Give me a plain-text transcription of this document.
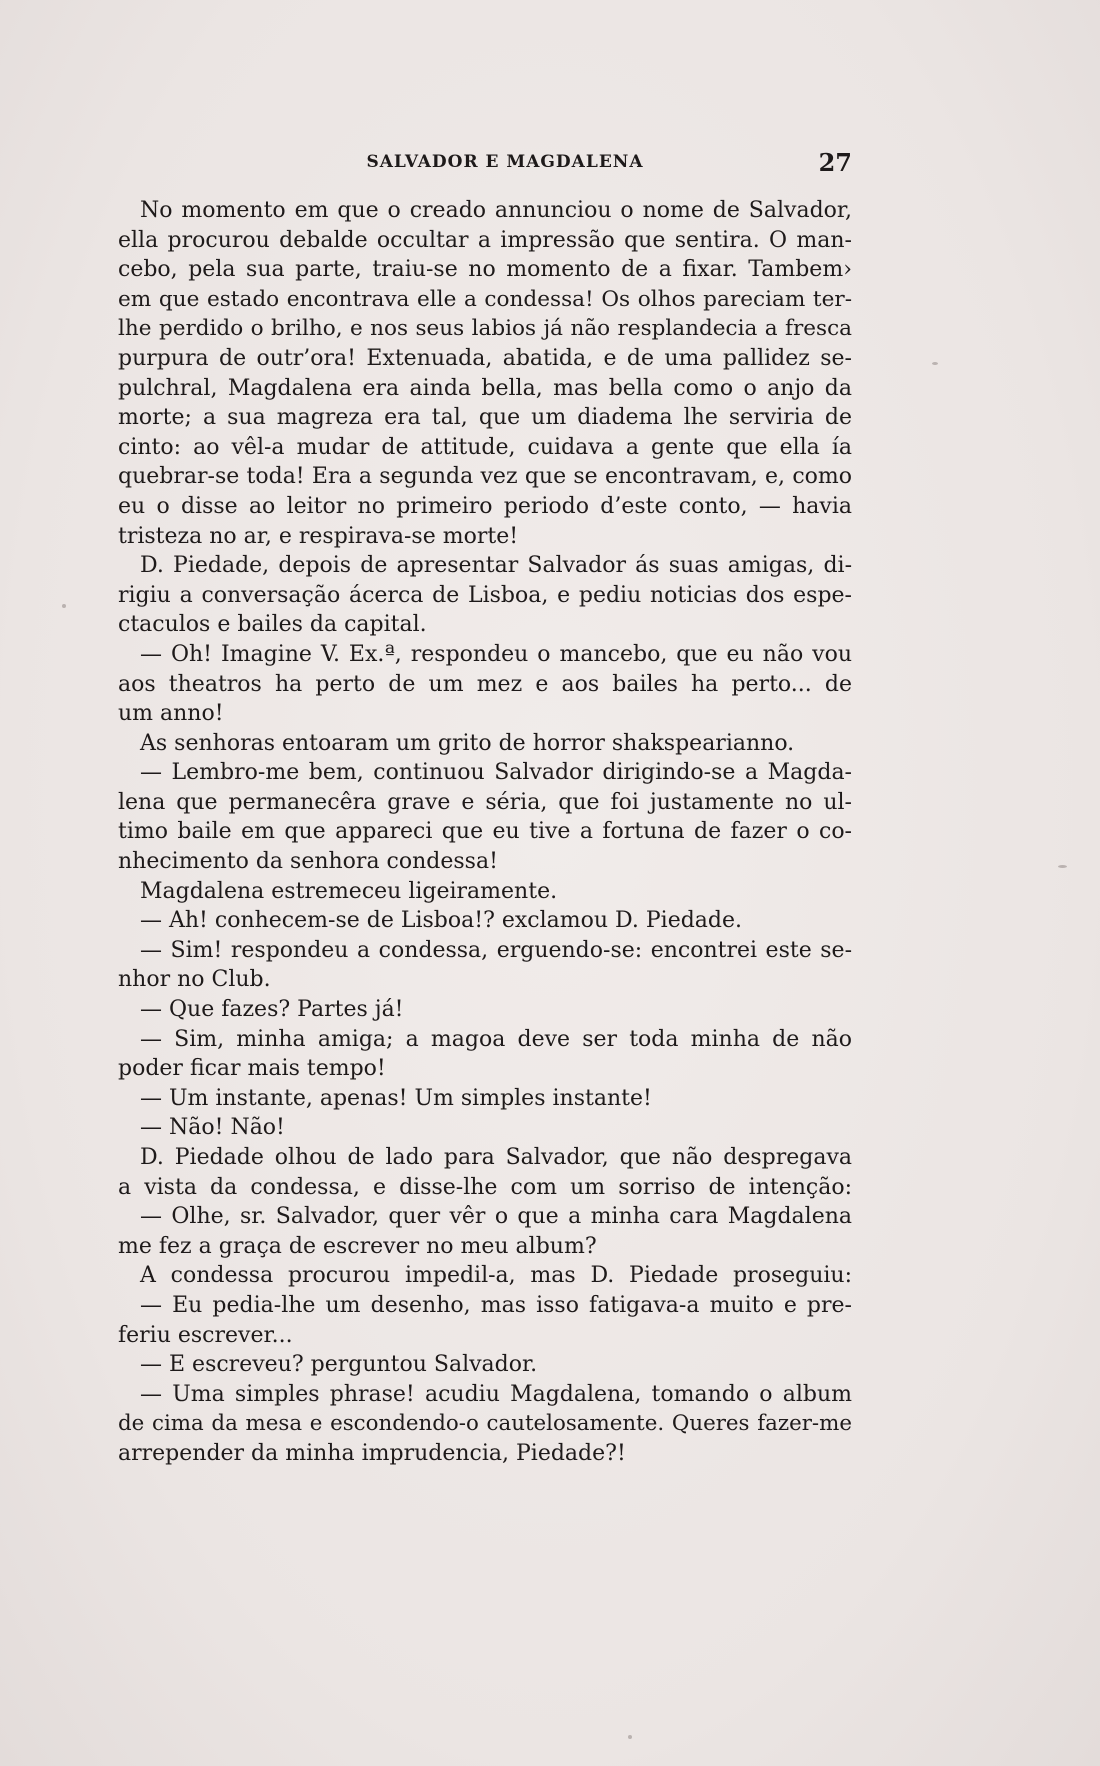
SALVADOR E MAGDALENA	27
No momento em que o creado annunciou o nome de Salvador,
ella procurou debalde occultar a impressão que sentira. O man-
cebo, pela sua parte, traiu-se no momento de a fixar. Tambem›
em que estado encontrava elle a condessa! Os olhos pareciam ter-
lhe perdido o brilho, e nos seus labios já não resplandecia a fresca
purpura de outr’ora! Extenuada, abatida, e de uma pallidez se-
pulchral, Magdalena era ainda bella, mas bella como o anjo da
morte; a sua magreza era tal, que um diadema lhe serviria de
cinto: ao vêl-a mudar de attitude, cuidava a gente que ella ía
quebrar-se toda! Era a segunda vez que se encontravam, e, como
eu o disse ao leitor no primeiro periodo d’este conto, — havia
tristeza no ar, e respirava-se morte!
D. Piedade, depois de apresentar Salvador ás suas amigas, di-
rigiu a conversação ácerca de Lisboa, e pediu noticias dos espe-
ctaculos e bailes da capital.
— Oh! Imagine V. Ex.ª, respondeu o mancebo, que eu não vou
aos theatros ha perto de um mez e aos bailes ha perto... de
um anno!
As senhoras entoaram um grito de horror shakspearianno.
— Lembro-me bem, continuou Salvador dirigindo-se a Magda-
lena que permanecêra grave e séria, que foi justamente no ul-
timo baile em que appareci que eu tive a fortuna de fazer o co-
nhecimento da senhora condessa!
Magdalena estremeceu ligeiramente.
— Ah! conhecem-se de Lisboa!? exclamou D. Piedade.
— Sim! respondeu a condessa, erguendo-se: encontrei este se-
nhor no Club.
— Que fazes? Partes já!
— Sim, minha amiga; a magoa deve ser toda minha de não
poder ficar mais tempo!
— Um instante, apenas! Um simples instante!
— Não! Não!
D. Piedade olhou de lado para Salvador, que não despregava
a vista da condessa, e disse-lhe com um sorriso de intenção:
— Olhe, sr. Salvador, quer vêr o que a minha cara Magdalena
me fez a graça de escrever no meu album?
A condessa procurou impedil-a, mas D. Piedade proseguiu:
— Eu pedia-lhe um desenho, mas isso fatigava-a muito e pre-
feriu escrever...
— E escreveu? perguntou Salvador.
— Uma simples phrase! acudiu Magdalena, tomando o album
de cima da mesa e escondendo-o cautelosamente. Queres fazer-me
arrepender da minha imprudencia, Piedade?!
